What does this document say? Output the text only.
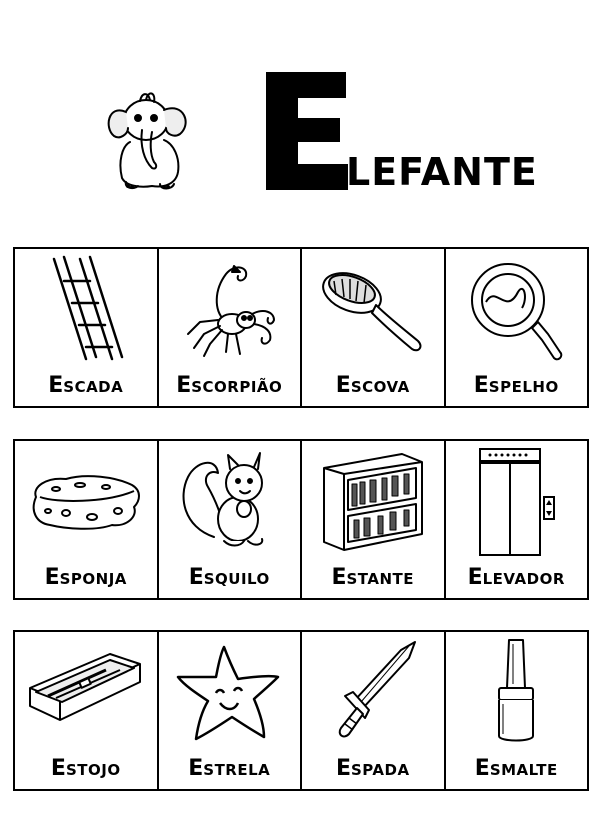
E
LEFANTE
ESCADA	ESCORPIÃO	ESCOVA	ESPELHO
ESPONJA	ESQUILO	ESTANTE	ELEVADOR
ESTOJO	ESTRELA	ESPADA	ESMALTE
